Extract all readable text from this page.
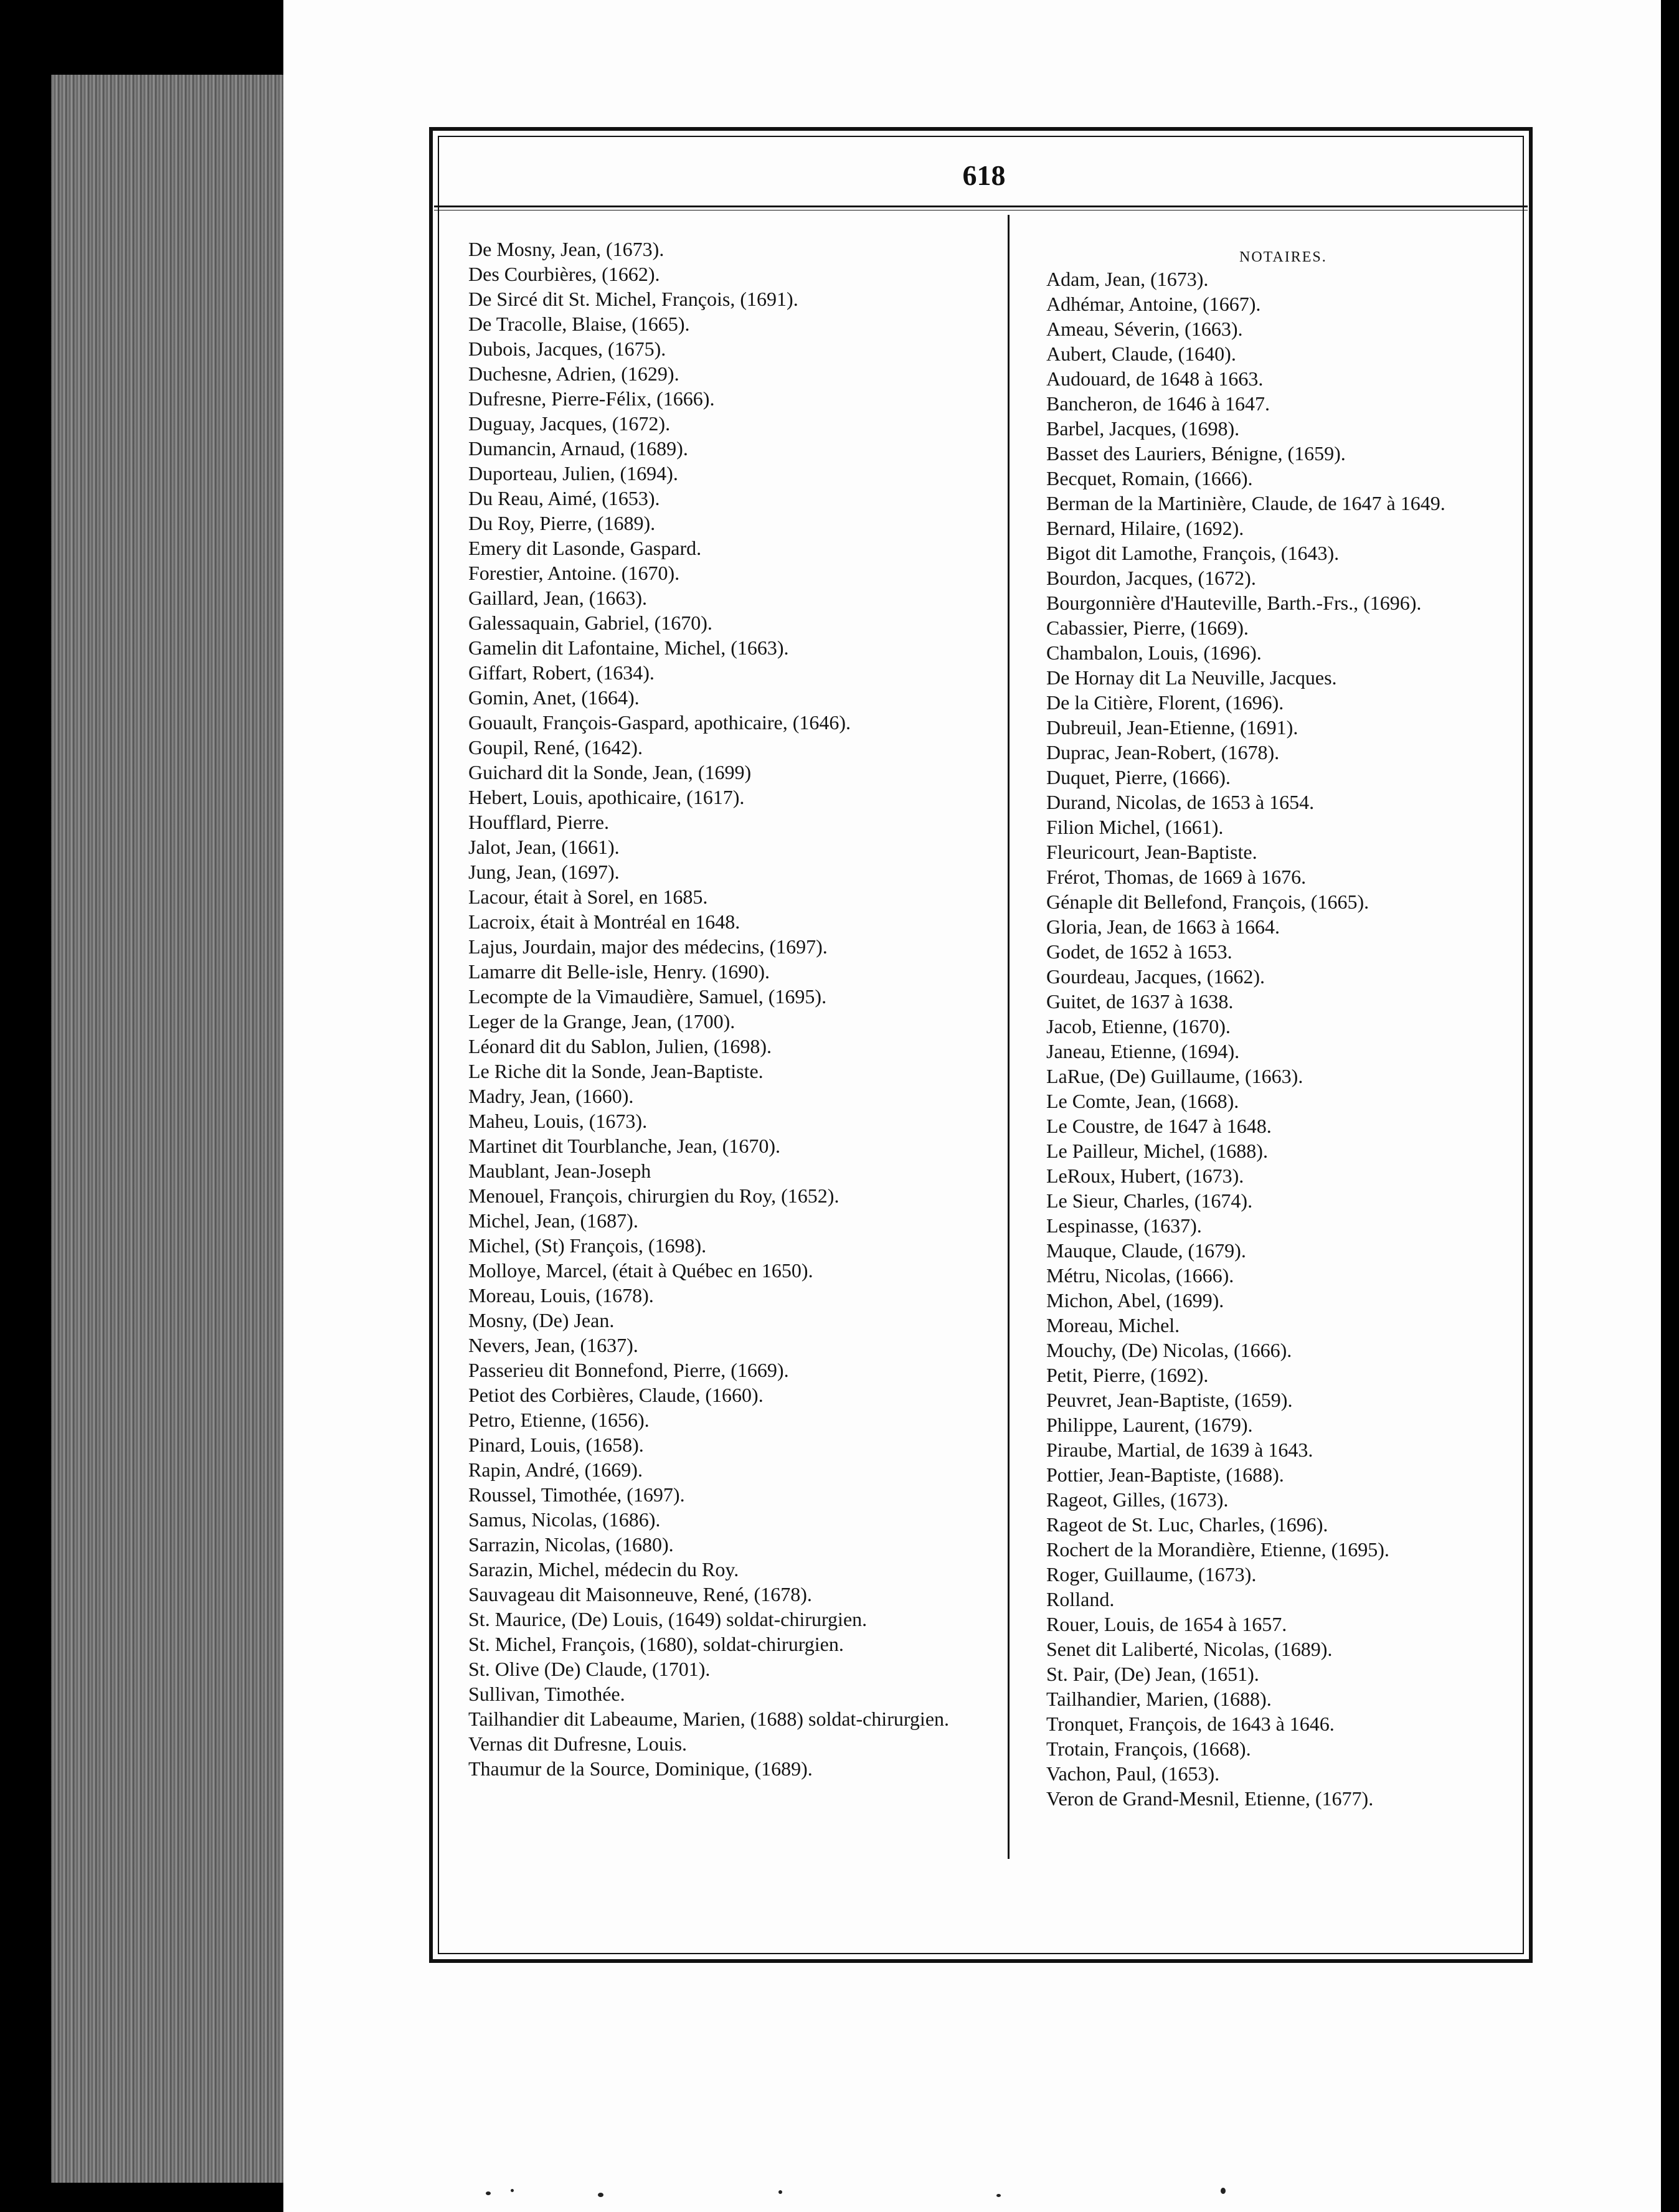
618
De Mosny, Jean, (1673).
Des Courbières, (1662).
De Sircé dit St. Michel, François, (1691).
De Tracolle, Blaise, (1665).
Dubois, Jacques, (1675).
Duchesne, Adrien, (1629).
Dufresne, Pierre-Félix, (1666).
Duguay, Jacques, (1672).
Dumancin, Arnaud, (1689).
Duporteau, Julien, (1694).
Du Reau, Aimé, (1653).
Du Roy, Pierre, (1689).
Emery dit Lasonde, Gaspard.
Forestier, Antoine. (1670).
Gaillard, Jean, (1663).
Galessaquain, Gabriel, (1670).
Gamelin dit Lafontaine, Michel, (1663).
Giffart, Robert, (1634).
Gomin, Anet, (1664).
Gouault, François-Gaspard, apothicaire, (1646).
Goupil, René, (1642).
Guichard dit la Sonde, Jean, (1699)
Hebert, Louis, apothicaire, (1617).
Houfflard, Pierre.
Jalot, Jean, (1661).
Jung, Jean, (1697).
Lacour, était à Sorel, en 1685.
Lacroix, était à Montréal en 1648.
Lajus, Jourdain, major des médecins, (1697).
Lamarre dit Belle-isle, Henry. (1690).
Lecompte de la Vimaudière, Samuel, (1695).
Leger de la Grange, Jean, (1700).
Léonard dit du Sablon, Julien, (1698).
Le Riche dit la Sonde, Jean-Baptiste.
Madry, Jean, (1660).
Maheu, Louis, (1673).
Martinet dit Tourblanche, Jean, (1670).
Maublant, Jean-Joseph
Menouel, François, chirurgien du Roy, (1652).
Michel, Jean, (1687).
Michel, (St) François, (1698).
Molloye, Marcel, (était à Québec en 1650).
Moreau, Louis, (1678).
Mosny, (De) Jean.
Nevers, Jean, (1637).
Passerieu dit Bonnefond, Pierre, (1669).
Petiot des Corbières, Claude, (1660).
Petro, Etienne, (1656).
Pinard, Louis, (1658).
Rapin, André, (1669).
Roussel, Timothée, (1697).
Samus, Nicolas, (1686).
Sarrazin, Nicolas, (1680).
Sarazin, Michel, médecin du Roy.
Sauvageau dit Maisonneuve, René, (1678).
St. Maurice, (De) Louis, (1649) soldat-chirurgien.
St. Michel, François, (1680), soldat-chirurgien.
St. Olive (De) Claude, (1701).
Sullivan, Timothée.
Tailhandier dit Labeaume, Marien, (1688) soldat-chirurgien.
Vernas dit Dufresne, Louis.
Thaumur de la Source, Dominique, (1689).
NOTAIRES.
Adam, Jean, (1673).
Adhémar, Antoine, (1667).
Ameau, Séverin, (1663).
Aubert, Claude, (1640).
Audouard, de 1648 à 1663.
Bancheron, de 1646 à 1647.
Barbel, Jacques, (1698).
Basset des Lauriers, Bénigne, (1659).
Becquet, Romain, (1666).
Berman de la Martinière, Claude, de 1647 à 1649.
Bernard, Hilaire, (1692).
Bigot dit Lamothe, François, (1643).
Bourdon, Jacques, (1672).
Bourgonnière d'Hauteville, Barth.-Frs., (1696).
Cabassier, Pierre, (1669).
Chambalon, Louis, (1696).
De Hornay dit La Neuville, Jacques.
De la Citière, Florent, (1696).
Dubreuil, Jean-Etienne, (1691).
Duprac, Jean-Robert, (1678).
Duquet, Pierre, (1666).
Durand, Nicolas, de 1653 à 1654.
Filion Michel, (1661).
Fleuricourt, Jean-Baptiste.
Frérot, Thomas, de 1669 à 1676.
Génaple dit Bellefond, François, (1665).
Gloria, Jean, de 1663 à 1664.
Godet, de 1652 à 1653.
Gourdeau, Jacques, (1662).
Guitet, de 1637 à 1638.
Jacob, Etienne, (1670).
Janeau, Etienne, (1694).
LaRue, (De) Guillaume, (1663).
Le Comte, Jean, (1668).
Le Coustre, de 1647 à 1648.
Le Pailleur, Michel, (1688).
LeRoux, Hubert, (1673).
Le Sieur, Charles, (1674).
Lespinasse, (1637).
Mauque, Claude, (1679).
Métru, Nicolas, (1666).
Michon, Abel, (1699).
Moreau, Michel.
Mouchy, (De) Nicolas, (1666).
Petit, Pierre, (1692).
Peuvret, Jean-Baptiste, (1659).
Philippe, Laurent, (1679).
Piraube, Martial, de 1639 à 1643.
Pottier, Jean-Baptiste, (1688).
Rageot, Gilles, (1673).
Rageot de St. Luc, Charles, (1696).
Rochert de la Morandière, Etienne, (1695).
Roger, Guillaume, (1673).
Rolland.
Rouer, Louis, de 1654 à 1657.
Senet dit Laliberté, Nicolas, (1689).
St. Pair, (De) Jean, (1651).
Tailhandier, Marien, (1688).
Tronquet, François, de 1643 à 1646.
Trotain, François, (1668).
Vachon, Paul, (1653).
Veron de Grand-Mesnil, Etienne, (1677).
